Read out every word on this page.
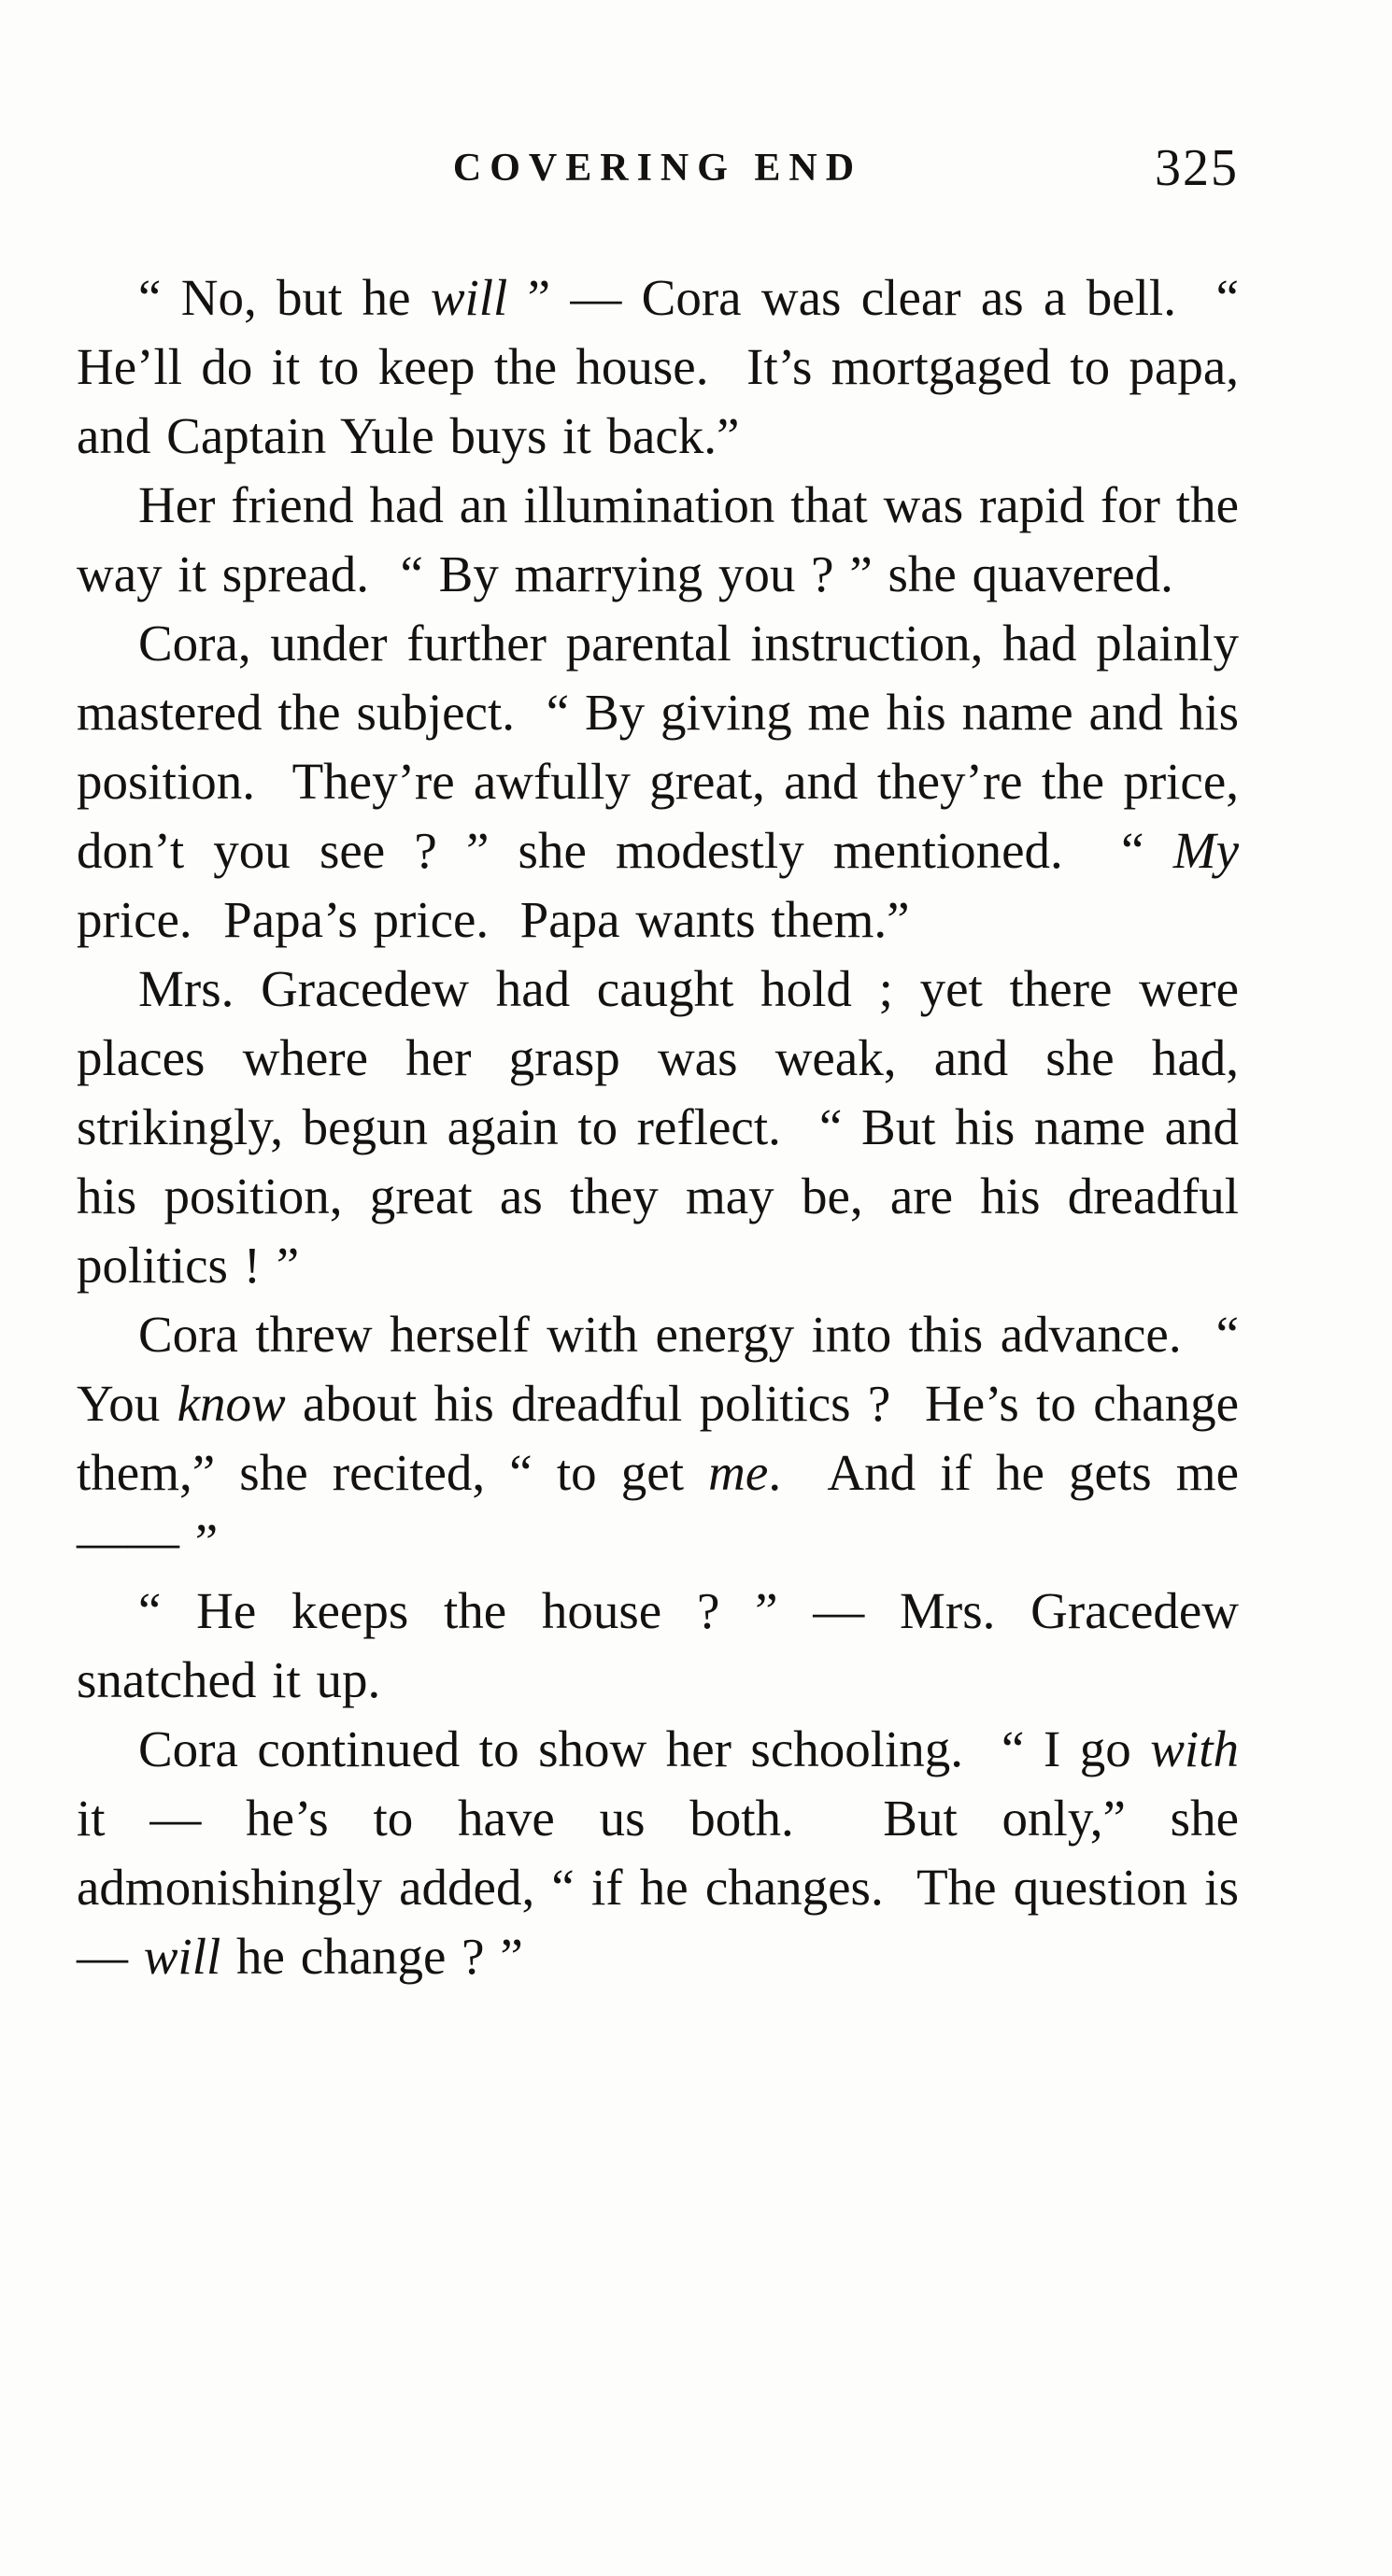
COVERING END	325

“ No, but he will ” — Cora was clear as a bell.  “ He’ll do it to keep the house.  It’s mortgaged to papa, and Captain Yule buys it back.”

Her friend had an illumination that was rapid for the way it spread.  “ By marrying you ? ” she quavered.

Cora, under further parental instruction, had plainly mastered the subject.  “ By giving me his name and his position.  They’re awfully great, and they’re the price, don’t you see ? ” she modestly mentioned.  “ My price.  Papa’s price.  Papa wants them.”

Mrs. Gracedew had caught hold ; yet there were places where her grasp was weak, and she had, strikingly, begun again to reflect.  “ But his name and his position, great as they may be, are his dreadful politics ! ”

Cora threw herself with energy into this advance.  “ You know about his dreadful politics ?  He’s to change them,” she recited, “ to get me.  And if he gets me —— ”

“ He keeps the house ? ” — Mrs. Gracedew snatched it up.

Cora continued to show her schooling.  “ I go with it — he’s to have us both.  But only,” she admonishingly added, “ if he changes.  The question is — will he change ? ”
